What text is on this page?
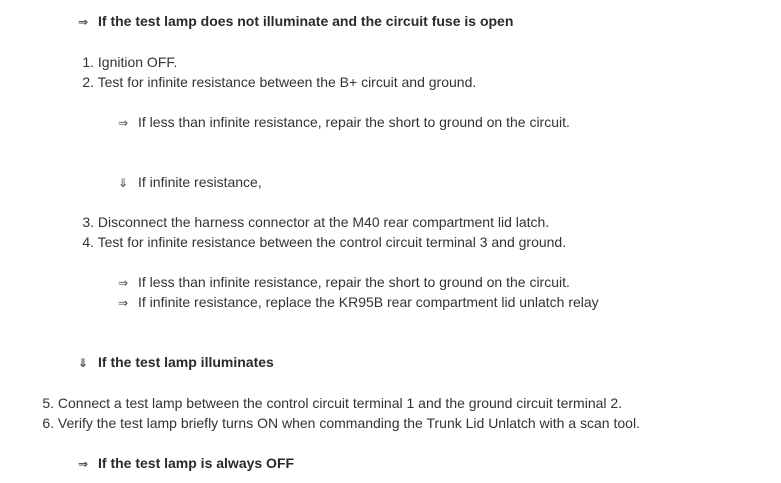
⇒ If the test lamp does not illuminate and the circuit fuse is open
1. Ignition OFF.
2. Test for infinite resistance between the B+ circuit and ground.
⇒ If less than infinite resistance, repair the short to ground on the circuit.
⇓ If infinite resistance,
3. Disconnect the harness connector at the M40 rear compartment lid latch.
4. Test for infinite resistance between the control circuit terminal 3 and ground.
⇒ If less than infinite resistance, repair the short to ground on the circuit.
⇒ If infinite resistance, replace the KR95B rear compartment lid unlatch relay
⇓ If the test lamp illuminates
5. Connect a test lamp between the control circuit terminal 1 and the ground circuit terminal 2.
6. Verify the test lamp briefly turns ON when commanding the Trunk Lid Unlatch with a scan tool.
⇒ If the test lamp is always OFF
